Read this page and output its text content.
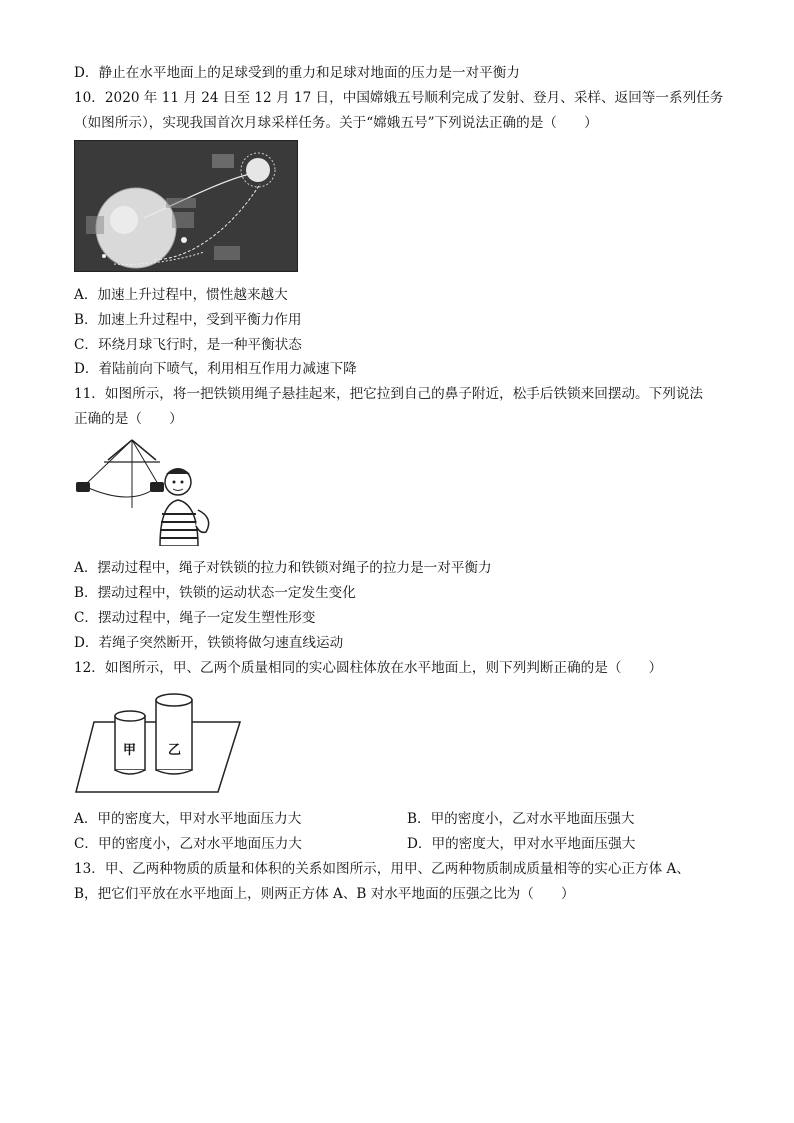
D．静止在水平地面上的足球受到的重力和足球对地面的压力是一对平衡力
10．2020 年 11 月 24 日至 12 月 17 日，中国嫦娥五号顺利完成了发射、登月、采样、返回等一系列任务
（如图所示），实现我国首次月球采样任务。关于“嫦娥五号”下列说法正确的是（　　）
A．加速上升过程中，惯性越来越大
B．加速上升过程中，受到平衡力作用
C．环绕月球飞行时，是一种平衡状态
D．着陆前向下喷气，利用相互作用力减速下降
11．如图所示，将一把铁锁用绳子悬挂起来，把它拉到自己的鼻子附近，松手后铁锁来回摆动。下列说法
正确的是（　　）
A．摆动过程中，绳子对铁锁的拉力和铁锁对绳子的拉力是一对平衡力
B．摆动过程中，铁锁的运动状态一定发生变化
C．摆动过程中，绳子一定发生塑性形变
D．若绳子突然断开，铁锁将做匀速直线运动
12．如图所示，甲、乙两个质量相同的实心圆柱体放在水平地面上，则下列判断正确的是（　　）
甲 乙
A．甲的密度大，甲对水平地面压力大	B．甲的密度小，乙对水平地面压强大
C．甲的密度小，乙对水平地面压力大	D．甲的密度大，甲对水平地面压强大
13．甲、乙两种物质的质量和体积的关系如图所示，用甲、乙两种物质制成质量相等的实心正方体 A、
B，把它们平放在水平地面上，则两正方体 A、B 对水平地面的压强之比为（　　）
